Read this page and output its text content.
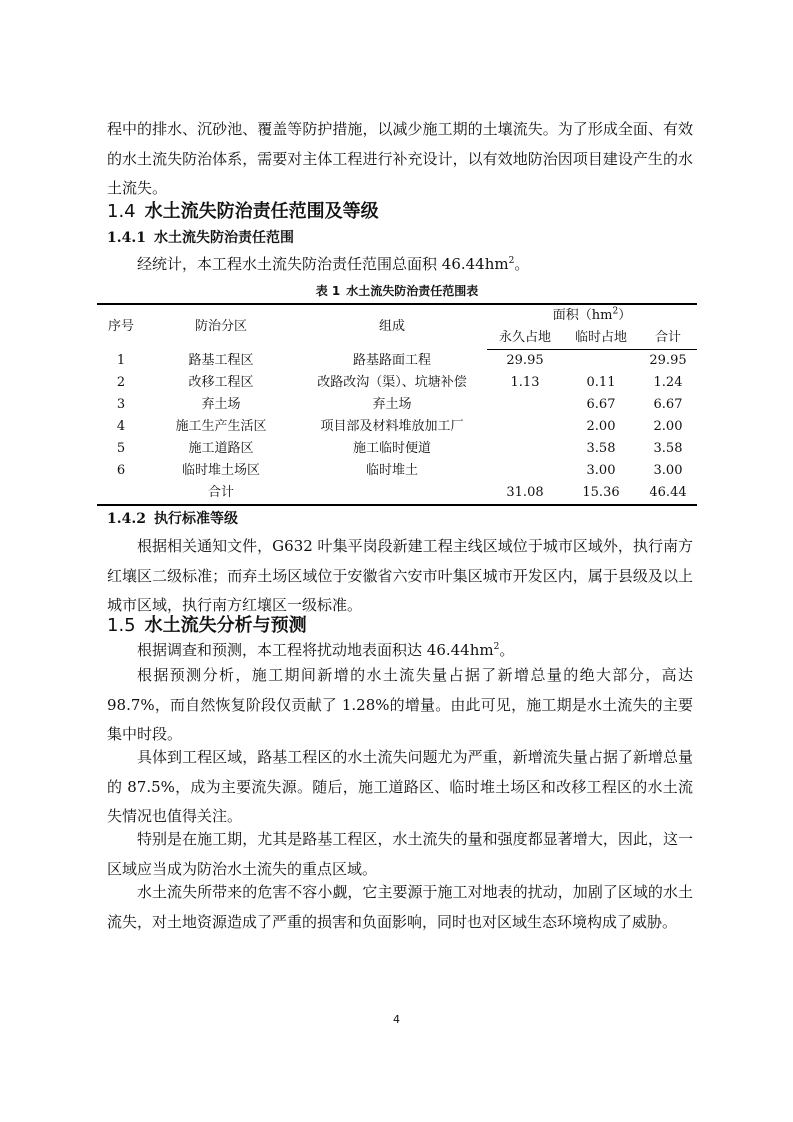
程中的排水、沉砂池、覆盖等防护措施，以减少施工期的土壤流失。为了形成全面、有效的水土流失防治体系，需要对主体工程进行补充设计，以有效地防治因项目建设产生的水土流失。

1.4 水土流失防治责任范围及等级
1.4.1 水土流失防治责任范围

经统计，本工程水土流失防治责任范围总面积 $46.44hm^2$。

表 1 水土流失防治责任范围表
序号	防治分区	组成	面积$(hm^2)$		
			永久占地	临时占地	合计
1	路基工程区	路基路面工程	29.95		29.95
2	改移工程区	改路改沟（渠）、坑塘补偿	1.13	0.11	1.24
3	弃土场	弃土场		6.67	6.67
4	施工生产生活区	项目部及材料堆放加工厂		2.00	2.00
5	施工道路区	施工临时便道		3.58	3.58
6	临时堆土场区	临时堆土		3.00	3.00
	合计		31.08	15.36	46.44
1.4.2 执行标准等级

根据相关通知文件，G632 叶集平岗段新建工程主线区域位于城市区域外，执行南方红壤区二级标准；而弃土场区域位于安徽省六安市叶集区城市开发区内，属于县级及以上城市区域，执行南方红壤区一级标准。

1.5 水土流失分析与预测

根据调查和预测，本工程将扰动地表面积达 $46.44hm^2$。

根据预测分析，施工期间新增的水土流失量占据了新增总量的绝大部分，高达 98.7%，而自然恢复阶段仅贡献了 1.28%的增量。由此可见，施工期是水土流失的主要集中时段。

具体到工程区域，路基工程区的水土流失问题尤为严重，新增流失量占据了新增总量的 87.5%，成为主要流失源。随后，施工道路区、临时堆土场区和改移工程区的水土流失情况也值得关注。

特别是在施工期，尤其是路基工程区，水土流失的量和强度都显著增大，因此，这一区域应当成为防治水土流失的重点区域。

水土流失所带来的危害不容小觑，它主要源于施工对地表的扰动，加剧了区域的水土流失，对土地资源造成了严重的损害和负面影响，同时也对区域生态环境构成了威胁。

4
